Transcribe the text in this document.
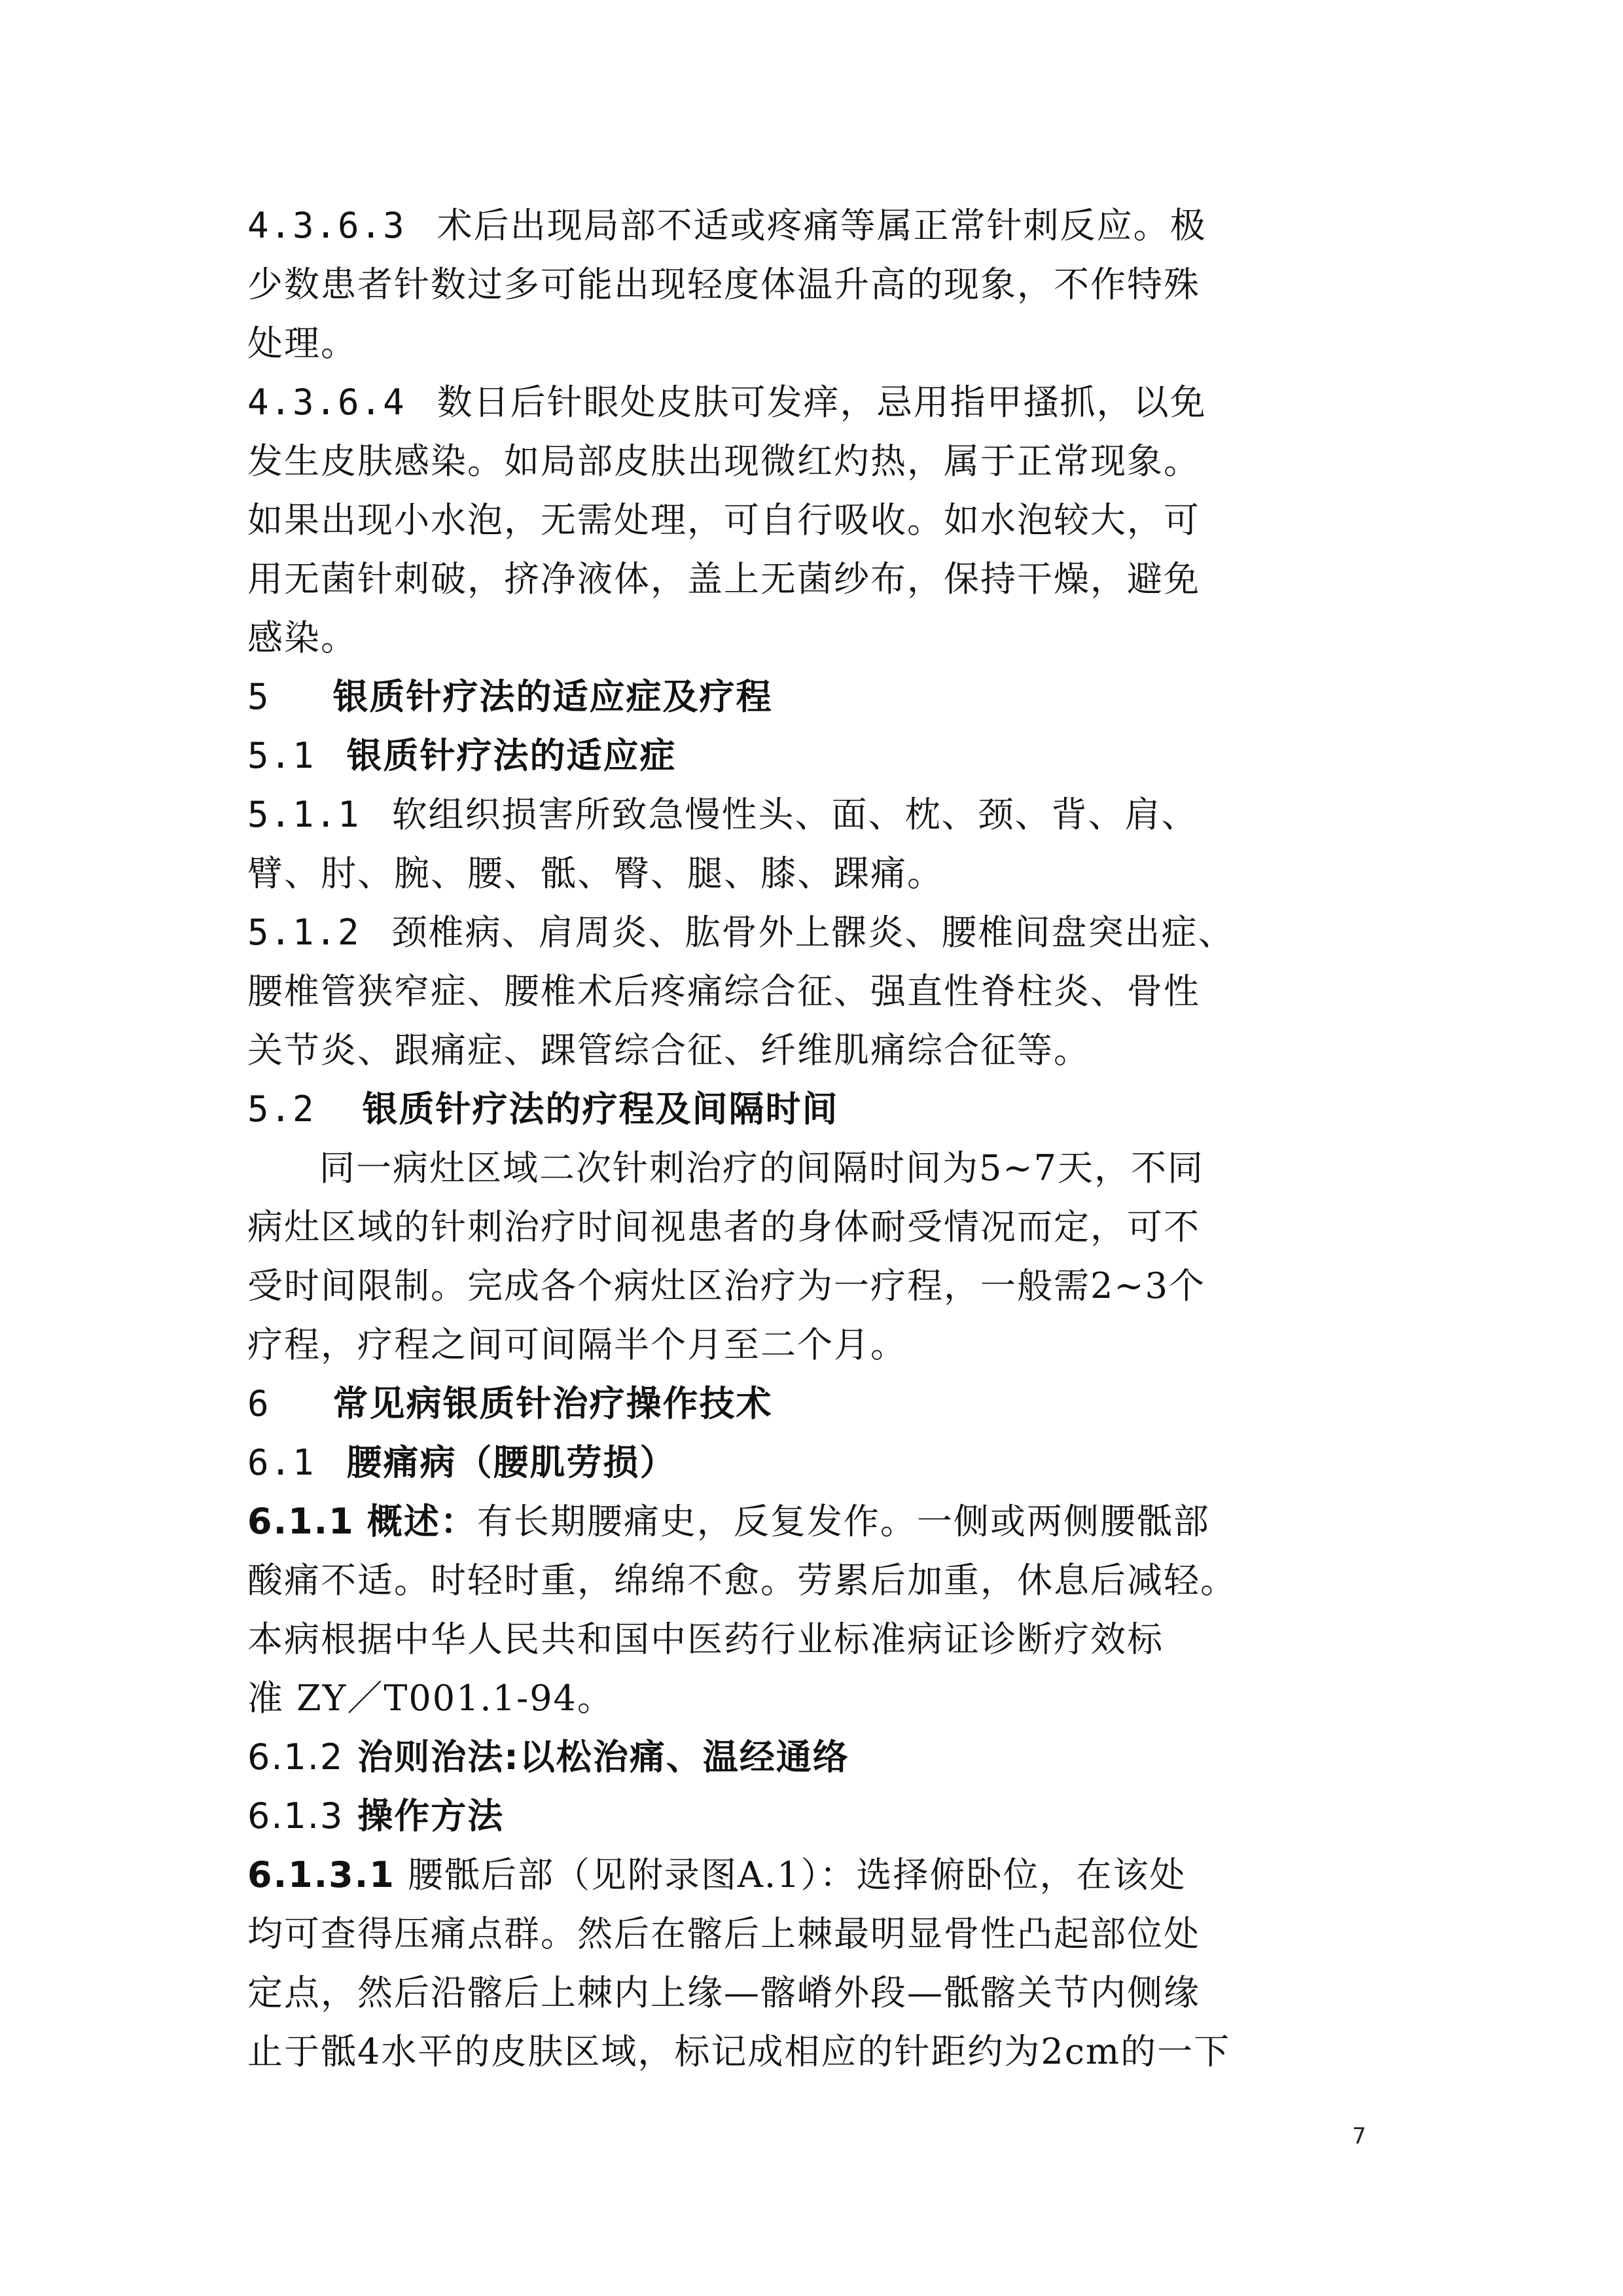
4.3.6.3 术后出现局部不适或疼痛等属正常针刺反应。极
少数患者针数过多可能出现轻度体温升高的现象，不作特殊
处理。
4.3.6.4 数日后针眼处皮肤可发痒，忌用指甲搔抓，以免
发生皮肤感染。如局部皮肤出现微红灼热，属于正常现象。
如果出现小水泡，无需处理，可自行吸收。如水泡较大，可
用无菌针刺破，挤净液体，盖上无菌纱布，保持干燥，避免
感染。
5 银质针疗法的适应症及疗程
5.1 银质针疗法的适应症
5.1.1 软组织损害所致急慢性头、面、枕、颈、背、肩、
臂、肘、腕、腰、骶、臀、腿、膝、踝痛。
5.1.2 颈椎病、肩周炎、肱骨外上髁炎、腰椎间盘突出症、
腰椎管狭窄症、腰椎术后疼痛综合征、强直性脊柱炎、骨性
关节炎、跟痛症、踝管综合征、纤维肌痛综合征等。
5.2 银质针疗法的疗程及间隔时间
同一病灶区域二次针刺治疗的间隔时间为5~7天，不同
病灶区域的针刺治疗时间视患者的身体耐受情况而定，可不
受时间限制。完成各个病灶区治疗为一疗程，一般需2~3个
疗程，疗程之间可间隔半个月至二个月。
6 常见病银质针治疗操作技术
6.1 腰痛病（腰肌劳损）
6.1.1 概述：有长期腰痛史，反复发作。一侧或两侧腰骶部
酸痛不适。时轻时重，绵绵不愈。劳累后加重，休息后减轻。
本病根据中华人民共和国中医药行业标准病证诊断疗效标
准 ZY／T001.1-94。
6.1.2 治则治法:以松治痛、温经通络
6.1.3 操作方法
6.1.3.1 腰骶后部（见附录图A.1）：选择俯卧位，在该处
均可查得压痛点群。然后在髂后上棘最明显骨性凸起部位处
定点，然后沿髂后上棘内上缘—髂嵴外段—骶髂关节内侧缘
止于骶4水平的皮肤区域，标记成相应的针距约为2cm的一下
7
